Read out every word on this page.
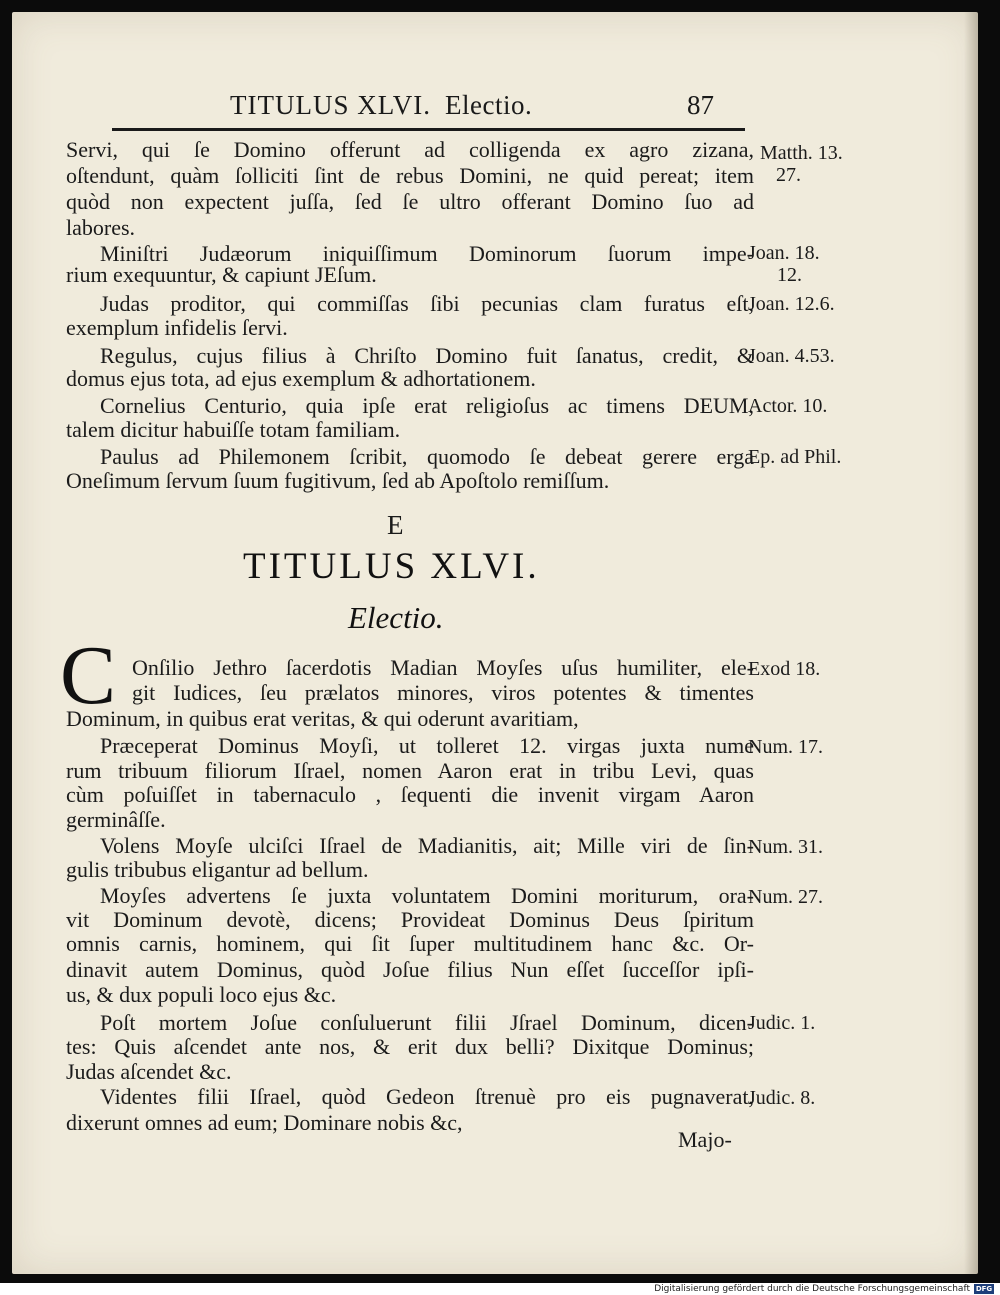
TITULUS XLVI. Electio.	87
Servi, qui ſe Domino offerunt ad colligenda ex agro zizana,
oſtendunt, quàm ſolliciti ſint de rebus Domini, ne quid pereat; item
quòd non expectent juſſa, ſed ſe ultro offerant Domino ſuo ad
labores.
Miniſtri Judæorum iniquiſſimum Dominorum ſuorum impe-
rium exequuntur, & capiunt JEſum.
Judas proditor, qui commiſſas ſibi pecunias clam furatus eſt,
exemplum infidelis ſervi.
Regulus, cujus filius à Chriſto Domino fuit ſanatus, credit, &
domus ejus tota, ad ejus exemplum & adhortationem.
Cornelius Centurio, quia ipſe erat religioſus ac timens DEUM,
talem dicitur habuiſſe totam familiam.
Paulus ad Philemonem ſcribit, quomodo ſe debeat gerere erga
Oneſimum ſervum ſuum fugitivum, ſed ab Apoſtolo remiſſum.
Matth. 13.
27.
Joan. 18.
12.
Joan. 12.6.
Joan. 4.53.
Actor. 10.
Ep. ad Phil.
E
TITULUS XLVI.
Electio.
C Onſilio Jethro ſacerdotis Madian Moyſes uſus humiliter, ele-
git Iudices, ſeu prælatos minores, viros potentes & timentes
Dominum, in quibus erat veritas, & qui oderunt avaritiam,
Præceperat Dominus Moyſi, ut tolleret 12. virgas juxta nume
rum tribuum filiorum Iſrael, nomen Aaron erat in tribu Levi, quas
cùm poſuiſſet in tabernaculo , ſequenti die invenit virgam Aaron
germinâſſe.
Volens Moyſe ulciſci Iſrael de Madianitis, ait; Mille viri de ſin-
gulis tribubus eligantur ad bellum.
Moyſes advertens ſe juxta voluntatem Domini moriturum, ora-
vit Dominum devotè, dicens; Provideat Dominus Deus ſpiritum
omnis carnis, hominem, qui ſit ſuper multitudinem hanc &c. Or-
dinavit autem Dominus, quòd Joſue filius Nun eſſet ſucceſſor ipſi-
us, & dux populi loco ejus &c.
Poſt mortem Joſue conſuluerunt filii Jſrael Dominum, dicen-
tes: Quis aſcendet ante nos, & erit dux belli? Dixitque Dominus;
Judas aſcendet &c.
Videntes filii Iſrael, quòd Gedeon ſtrenuè pro eis pugnaverat,
dixerunt omnes ad eum; Dominare nobis &c,
Exod 18.
Num. 17.
Num. 31.
Num. 27.
Judic. 1.
Judic. 8.
Majo-
Digitalisierung gefördert durch die Deutsche Forschungsgemeinschaft DFG
